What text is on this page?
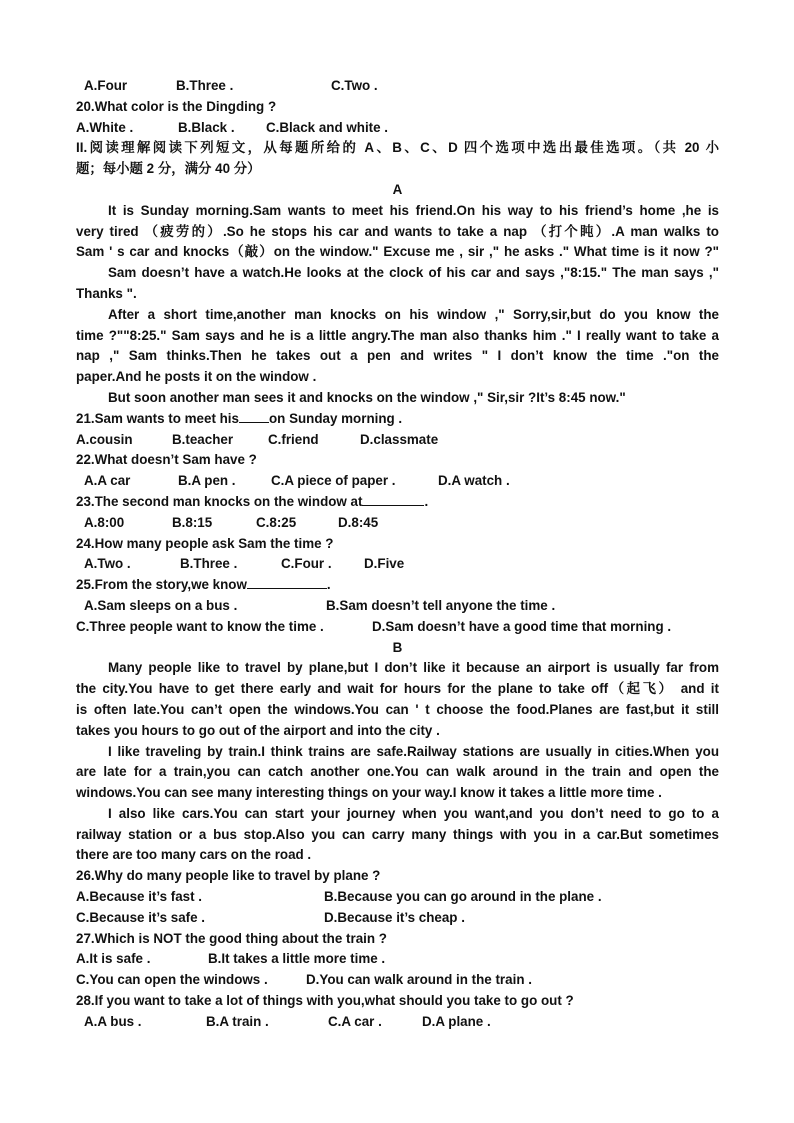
A.Four	B.Three .	C.Two .
20.What color is the Dingding ?
A.White .	B.Black . C.Black and white .
II.阅读理解阅读下列短文，从每题所给的 A、B、C、D 四个选项中选出最佳选项。（共 20 小
题；每小题 2 分，满分 40 分）
A
It is Sunday morning.Sam wants to meet his friend.On his way to his friend’s home ,he is
very tired （疲劳的）.So he stops his car and wants to take a nap （打个盹）.A man walks to
Sam ' s car and knocks（敲）on the window." Excuse me , sir ," he asks ." What time is it now ?"
Sam doesn’t have a watch.He looks at the clock of his car and says ,"8:15." The man says ,"
Thanks ".
After a short time,another man knocks on his window ," Sorry,sir,but do you know the
time ?""8:25." Sam says and he is a little angry.The man also thanks him ." I really want to take a
nap ," Sam thinks.Then he takes out a pen and writes " I don’t know the time ."on the
paper.And he posts it on the window .
But soon another man sees it and knocks on the window ," Sir,sir ?It’s 8:45 now."
21.Sam wants to meet his on Sunday morning .
A.cousin	B.teacher	C.friend	D.classmate
22.What doesn’t Sam have ?
A.A car	B.A pen .	C.A piece of paper .	D.A watch .
23.The second man knocks on the window at	.
A.8:00	B.8:15	C.8:25	D.8:45
24.How many people ask Sam the time ?
A.Two .	B.Three .	C.Four . D.Five
25.From the story,we know	.
A.Sam sleeps on a bus .	B.Sam doesn’t tell anyone the time .
C.Three people want to know the time .	D.Sam doesn’t have a good time that morning .
B
Many people like to travel by plane,but I don’t like it because an airport is usually far from
the city.You have to get there early and wait for hours for the plane to take off（起飞） and it
is often late.You can’t open the windows.You can ' t choose the food.Planes are fast,but it still
takes you hours to go out of the airport and into the city .
I like traveling by train.I think trains are safe.Railway stations are usually in cities.When you
are late for a train,you can catch another one.You can walk around in the train and open the
windows.You can see many interesting things on your way.I know it takes a little more time .
I also like cars.You can start your journey when you want,and you don’t need to go to a
railway station or a bus stop.Also you can carry many things with you in a car.But sometimes
there are too many cars on the road .
26.Why do many people like to travel by plane ?
A.Because it’s fast .	B.Because you can go around in the plane .
C.Because it’s safe .	D.Because it’s cheap .
27.Which is NOT the good thing about the train ?
A.It is safe .	B.It takes a little more time .
C.You can open the windows .	D.You can walk around in the train .
28.If you want to take a lot of things with you,what should you take to go out ?
A.A bus .	B.A train .	C.A car .	D.A plane .
